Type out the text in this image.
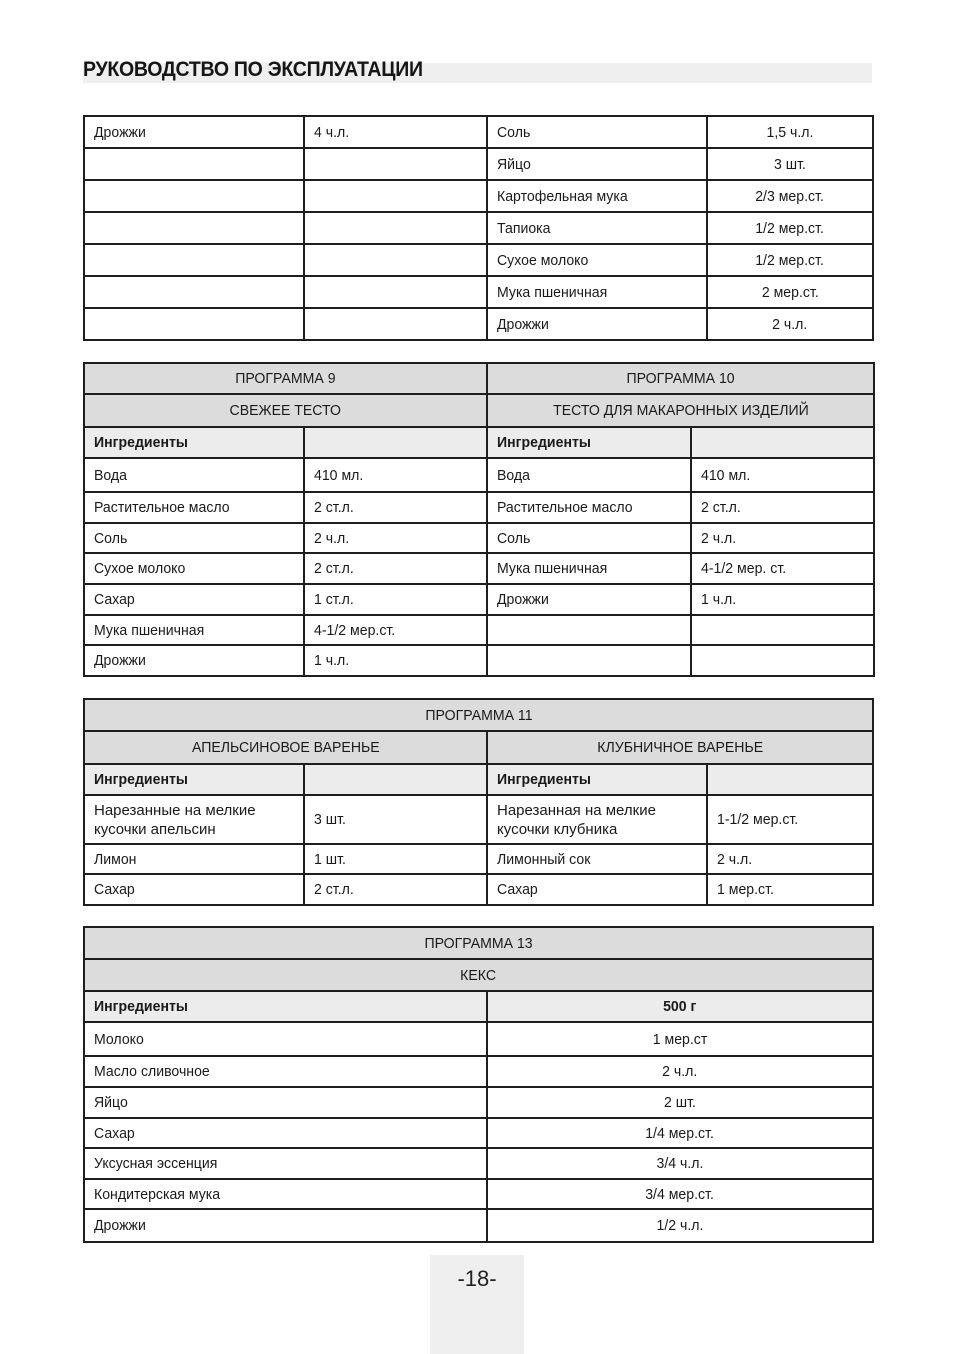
РУКОВОДСТВО ПО ЭКСПЛУАТАЦИИ
Дрожжи	4 ч.л.	Соль	1,5 ч.л.
		Яйцо	3 шт.
		Картофельная мука	2/3 мер.ст.
		Тапиока	1/2 мер.ст.
		Сухое молоко	1/2 мер.ст.
		Мука пшеничная	2 мер.ст.
		Дрожжи	2 ч.л.
ПРОГРАММА 9		ПРОГРАММА 10	
СВЕЖЕЕ ТЕСТО		ТЕСТО ДЛЯ МАКАРОННЫХ ИЗДЕЛИЙ	
Ингредиенты		Ингредиенты	
Вода	410 мл.	Вода	410 мл.
Растительное масло	2 ст.л.	Растительное масло	2 ст.л.
Соль	2 ч.л.	Соль	2 ч.л.
Сухое молоко	2 ст.л.	Мука пшеничная	4-1/2 мер. ст.
Сахар	1 ст.л.	Дрожжи	1 ч.л.
Мука пшеничная	4-1/2 мер.ст.		
Дрожжи	1 ч.л.		
ПРОГРАММА 11			
АПЕЛЬСИНОВОЕ ВАРЕНЬЕ		КЛУБНИЧНОЕ ВАРЕНЬЕ	
Ингредиенты		Ингредиенты	
Нарезанные на мелкие кусочки апельсин	3 шт.	Нарезанная на мелкие кусочки клубника	1-1/2 мер.ст.
Лимон	1 шт.	Лимонный сок	2 ч.л.
Сахар	2 ст.л.	Сахар	1 мер.ст.
ПРОГРАММА 13	
КЕКС	
Ингредиенты	500 г
Молоко	1 мер.ст
Масло сливочное	2 ч.л.
Яйцо	2 шт.
Сахар	1/4 мер.ст.
Уксусная эссенция	3/4 ч.л.
Кондитерская мука	3/4 мер.ст.
Дрожжи	1/2 ч.л.
-18-
